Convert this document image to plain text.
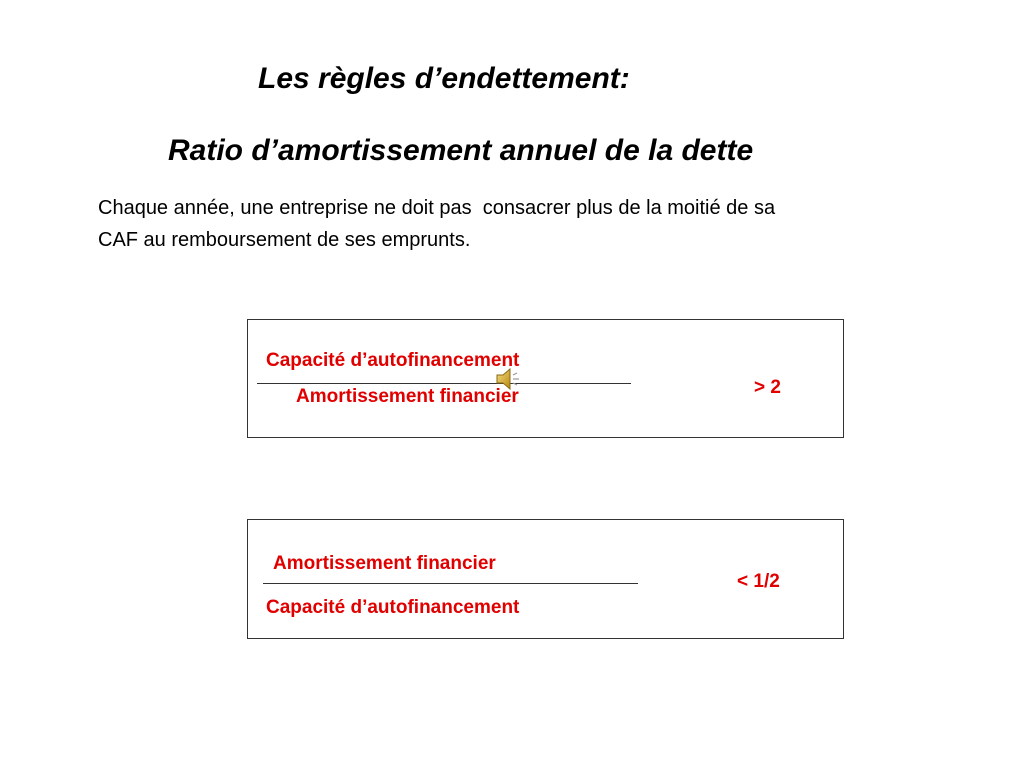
Les règles d’endettement:
Ratio d’amortissement annuel de la dette
Chaque année, une entreprise ne doit pas  consacrer plus de la moitié de sa
CAF au remboursement de ses emprunts.
Capacité d’autofinancement
Amortissement financier	> 2
Amortissement financier
Capacité d’autofinancement
< 1/2
